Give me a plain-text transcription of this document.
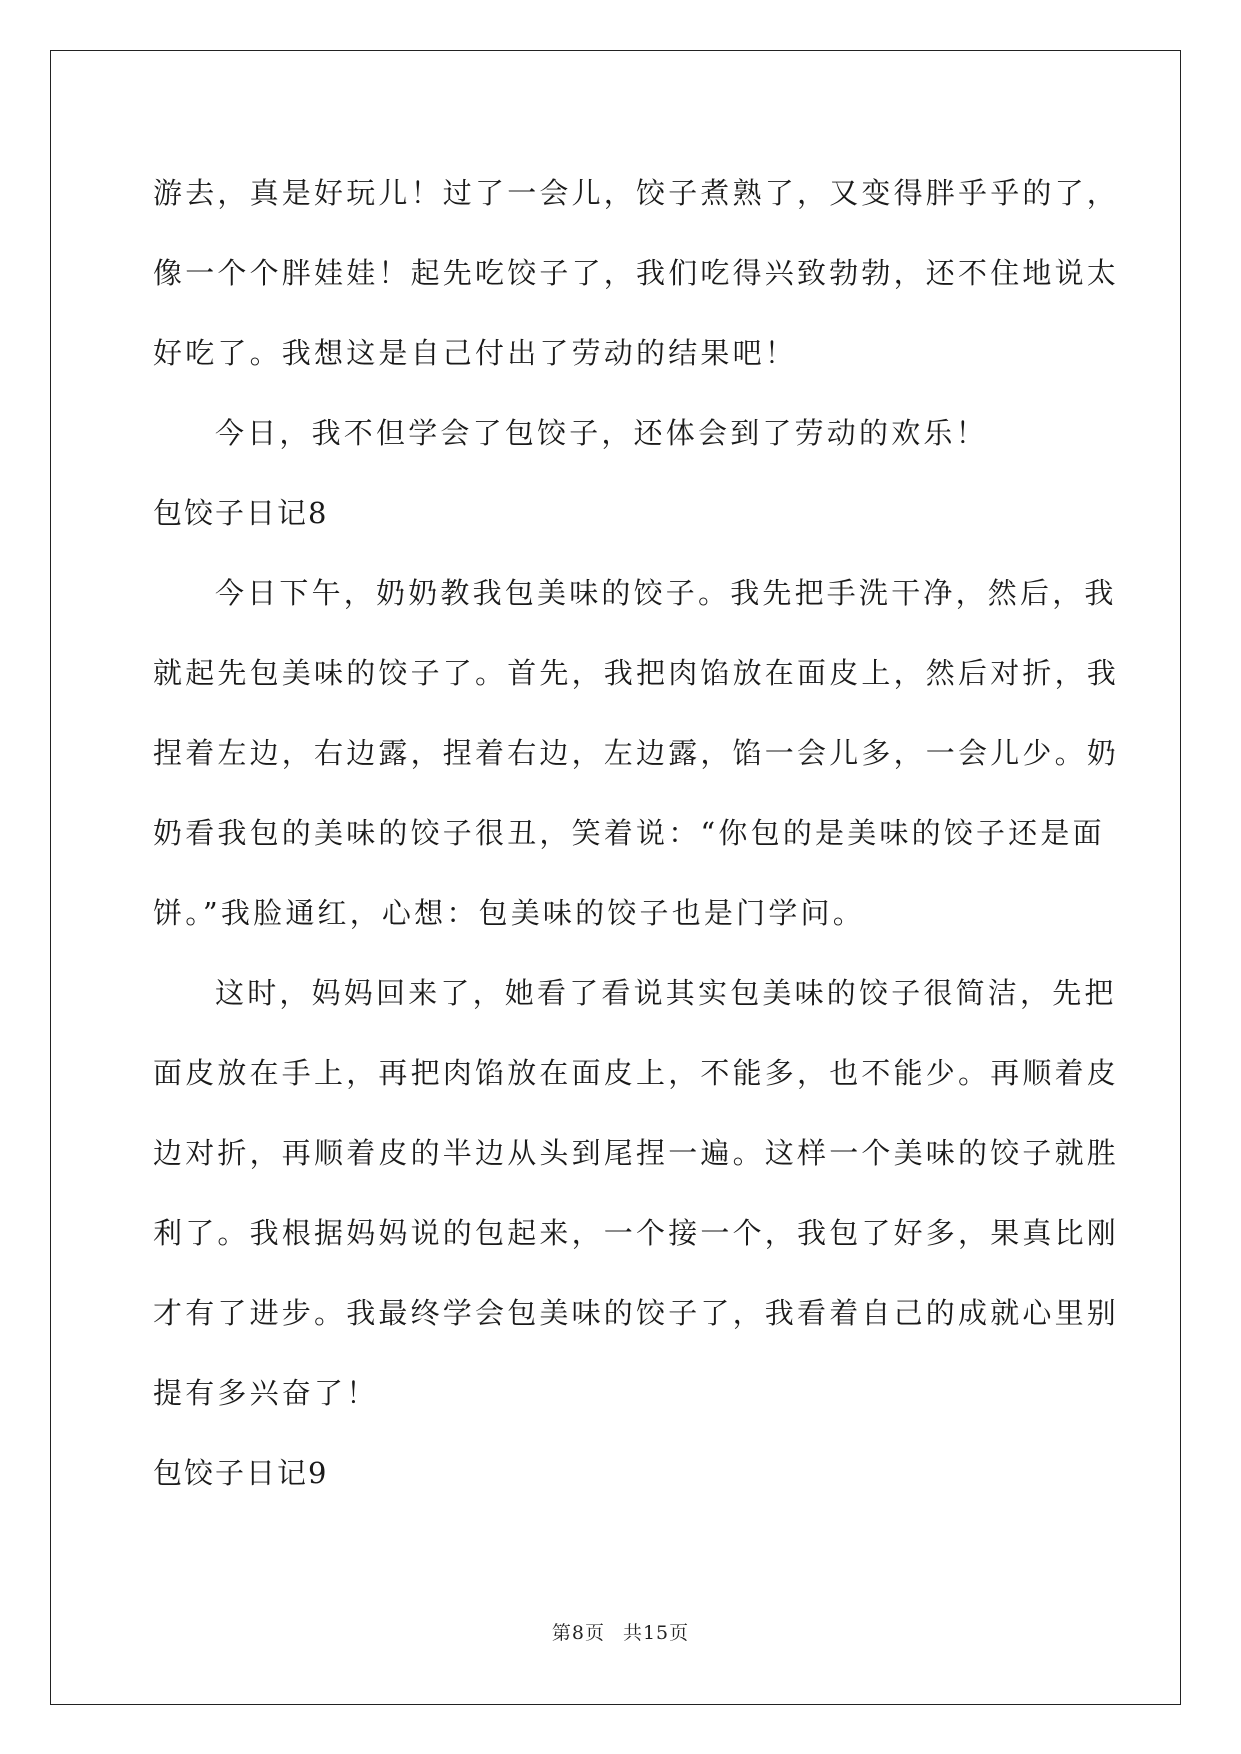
游去，真是好玩儿！过了一会儿，饺子煮熟了，又变得胖乎乎的了，
像一个个胖娃娃！起先吃饺子了，我们吃得兴致勃勃，还不住地说太
好吃了。我想这是自己付出了劳动的结果吧！
今日，我不但学会了包饺子，还体会到了劳动的欢乐！
包饺子日记8
今日下午，奶奶教我包美味的饺子。我先把手洗干净，然后，我
就起先包美味的饺子了。首先，我把肉馅放在面皮上，然后对折，我
捏着左边，右边露，捏着右边，左边露，馅一会儿多，一会儿少。奶
奶看我包的美味的饺子很丑，笑着说：“你包的是美味的饺子还是面
饼。”我脸通红，心想：包美味的饺子也是门学问。
这时，妈妈回来了，她看了看说其实包美味的饺子很简洁，先把
面皮放在手上，再把肉馅放在面皮上，不能多，也不能少。再顺着皮
边对折，再顺着皮的半边从头到尾捏一遍。这样一个美味的饺子就胜
利了。我根据妈妈说的包起来，一个接一个，我包了好多，果真比刚
才有了进步。我最终学会包美味的饺子了，我看着自己的成就心里别
提有多兴奋了！
包饺子日记9
第8页 共15页
